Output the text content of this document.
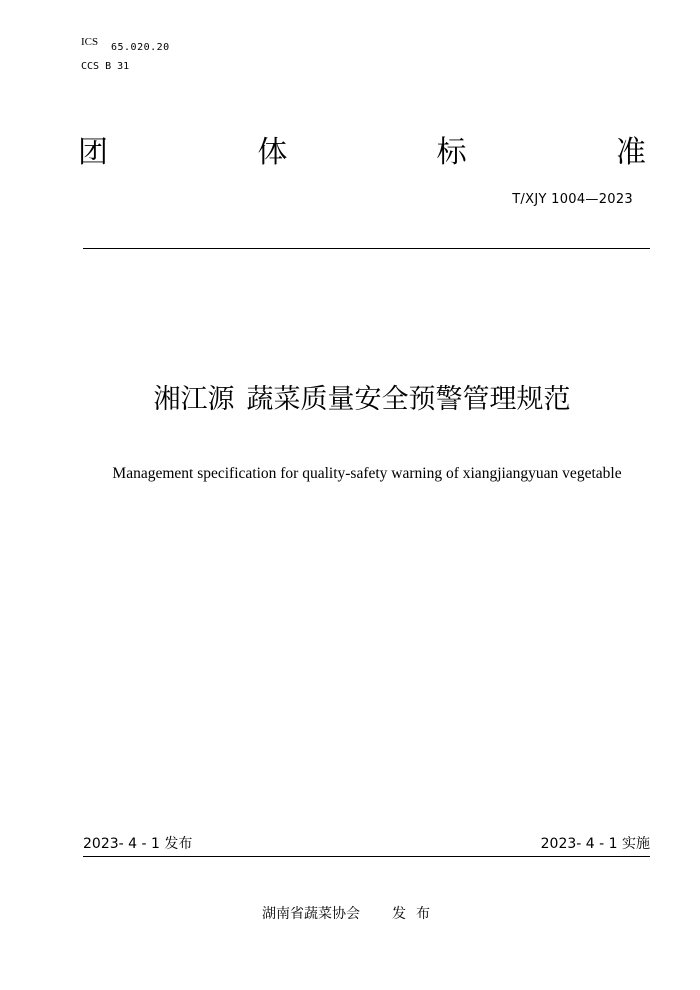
ICS 65.020.20
CCS B 31
团	体	标	准
T/XJY 1004—2023
湘江源 蔬菜质量安全预警管理规范
Management specification for quality-safety warning of xiangjiangyuan vegetable
2023- 4 - 1 发布	2023- 4 - 1 实施
湖南省蔬菜协会 发布
